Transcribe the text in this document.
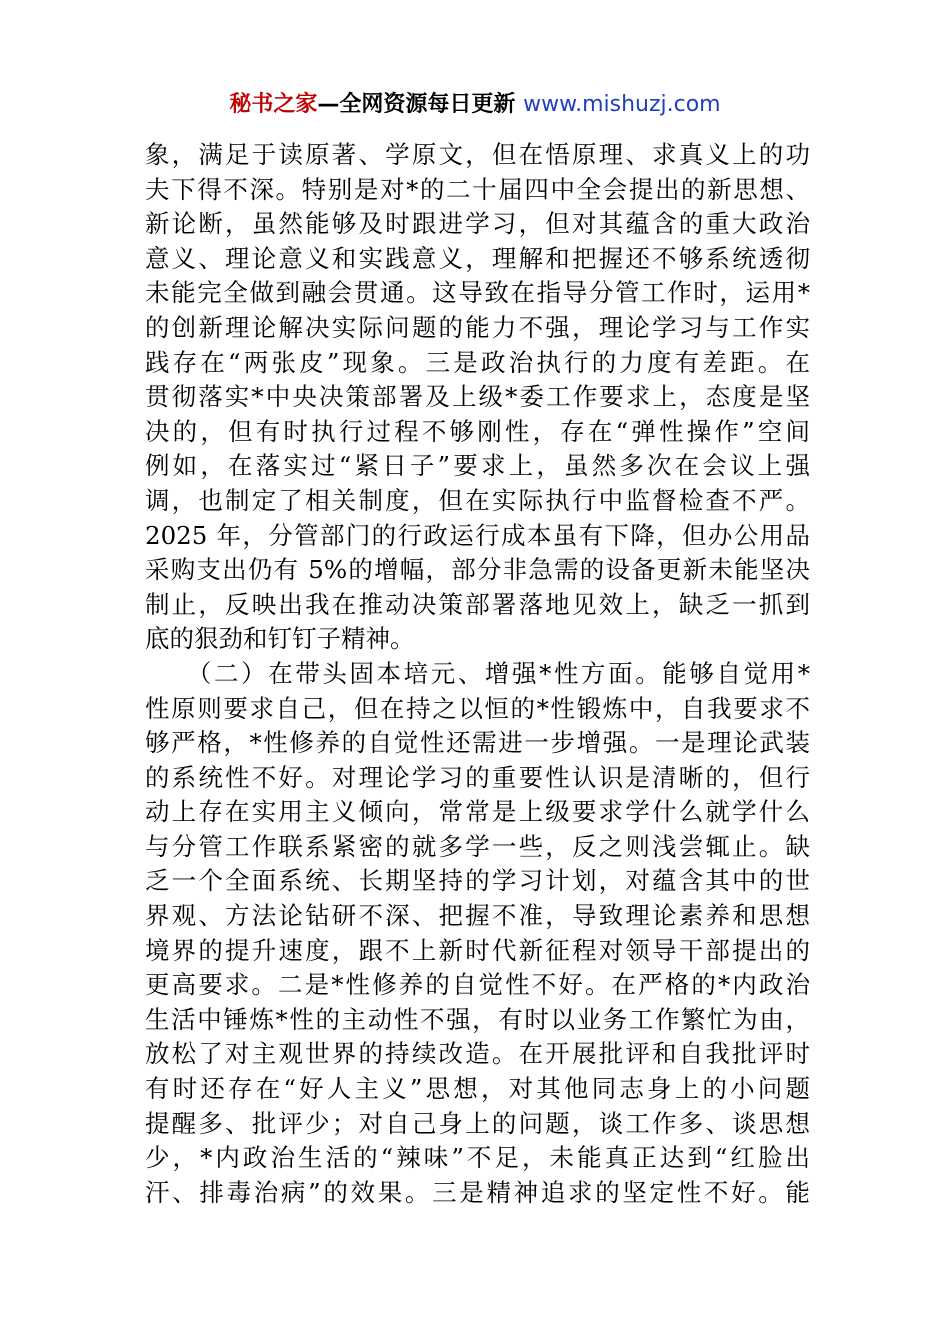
秘书之家—全网资源每日更新 www.mishuzj.com
象，满足于读原著、学原文，但在悟原理、求真义上的功
夫下得不深。特别是对*的二十届四中全会提出的新思想、
新论断，虽然能够及时跟进学习，但对其蕴含的重大政治
意义、理论意义和实践意义，理解和把握还不够系统透彻
未能完全做到融会贯通。这导致在指导分管工作时，运用*
的创新理论解决实际问题的能力不强，理论学习与工作实
践存在“两张皮”现象。三是政治执行的力度有差距。在
贯彻落实*中央决策部署及上级*委工作要求上，态度是坚
决的，但有时执行过程不够刚性，存在“弹性操作”空间
例如，在落实过“紧日子”要求上，虽然多次在会议上强
调，也制定了相关制度，但在实际执行中监督检查不严。
2025 年，分管部门的行政运行成本虽有下降，但办公用品
采购支出仍有 5%的增幅，部分非急需的设备更新未能坚决
制止，反映出我在推动决策部署落地见效上，缺乏一抓到
底的狠劲和钉钉子精神。
　　（二）在带头固本培元、增强*性方面。能够自觉用*
性原则要求自己，但在持之以恒的*性锻炼中，自我要求不
够严格，*性修养的自觉性还需进一步增强。一是理论武装
的系统性不好。对理论学习的重要性认识是清晰的，但行
动上存在实用主义倾向，常常是上级要求学什么就学什么
与分管工作联系紧密的就多学一些，反之则浅尝辄止。缺
乏一个全面系统、长期坚持的学习计划，对蕴含其中的世
界观、方法论钻研不深、把握不准，导致理论素养和思想
境界的提升速度，跟不上新时代新征程对领导干部提出的
更高要求。二是*性修养的自觉性不好。在严格的*内政治
生活中锤炼*性的主动性不强，有时以业务工作繁忙为由，
放松了对主观世界的持续改造。在开展批评和自我批评时
有时还存在“好人主义”思想，对其他同志身上的小问题
提醒多、批评少；对自己身上的问题，谈工作多、谈思想
少，*内政治生活的“辣味”不足，未能真正达到“红脸出
汗、排毒治病”的效果。三是精神追求的坚定性不好。能
